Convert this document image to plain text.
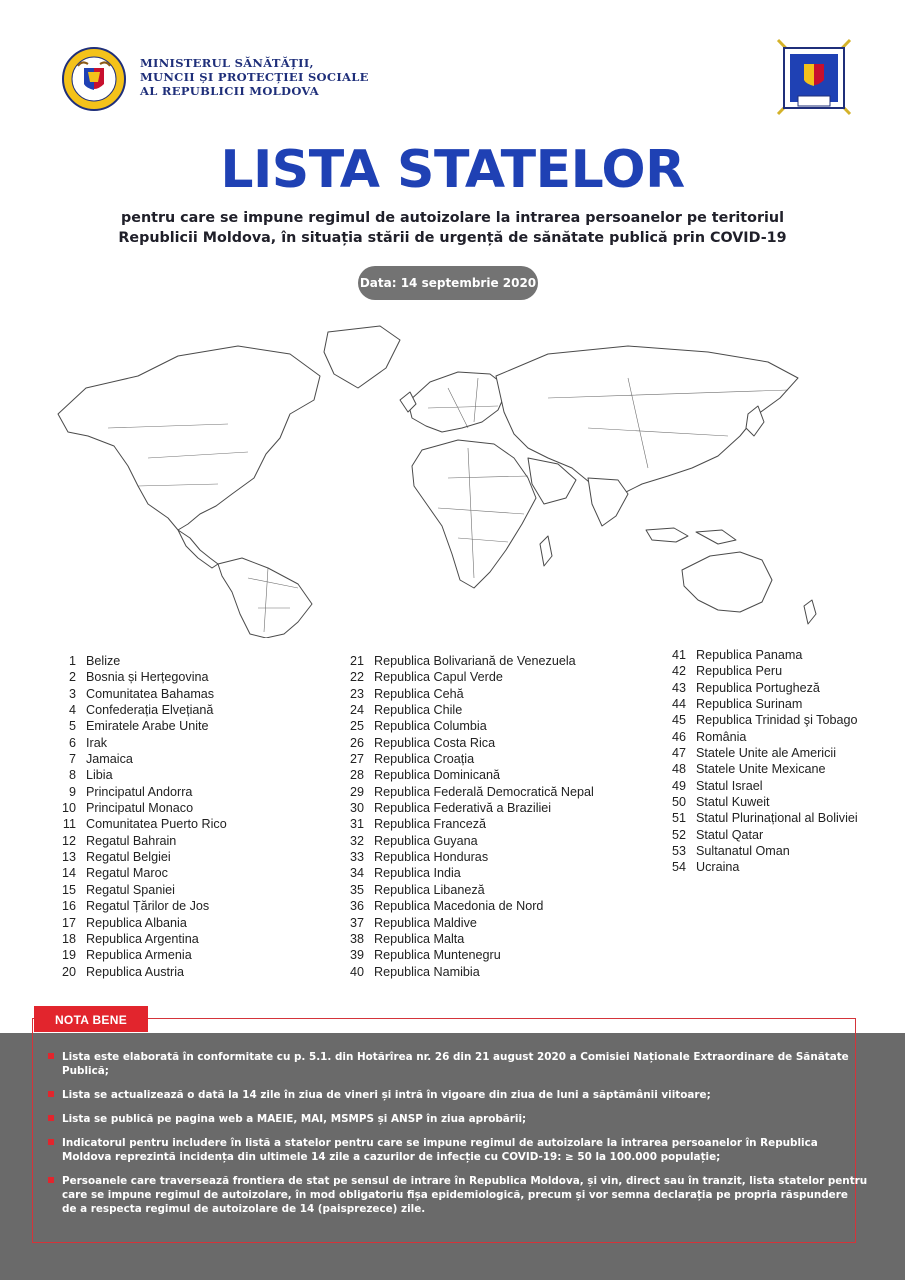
MINISTERUL SĂNĂTĂȚII,
MUNCII ȘI PROTECȚIEI SOCIALE
AL REPUBLICII MOLDOVA
LISTA STATELOR
pentru care se impune regimul de autoizolare la intrarea persoanelor pe teritoriul
Republicii Moldova, în situația stării de urgență de sănătate publică prin COVID-19
Data: 14 septembrie 2020
1 Belize
2 Bosnia și Herțegovina
3 Comunitatea Bahamas
4 Confederația Elvețiană
5 Emiratele Arabe Unite
6 Irak
7 Jamaica
8 Libia
9 Principatul Andorra
10 Principatul Monaco
11 Comunitatea Puerto Rico
12 Regatul Bahrain
13 Regatul Belgiei
14 Regatul Maroc
15 Regatul Spaniei
16 Regatul Țărilor de Jos
17 Republica Albania
18 Republica Argentina
19 Republica Armenia
20 Republica Austria
21 Republica Bolivariană de Venezuela
22 Republica Capul Verde
23 Republica Cehă
24 Republica Chile
25 Republica Columbia
26 Republica Costa Rica
27 Republica Croația
28 Republica Dominicană
29 Republica Federală Democratică Nepal
30 Republica Federativă a Braziliei
31 Republica Franceză
32 Republica Guyana
33 Republica Honduras
34 Republica India
35 Republica Libaneză
36 Republica Macedonia de Nord
37 Republica Maldive
38 Republica Malta
39 Republica Muntenegru
40 Republica Namibia
41 Republica Panama
42 Republica Peru
43 Republica Portugheză
44 Republica Surinam
45 Republica Trinidad şi Tobago
46 România
47 Statele Unite ale Americii
48 Statele Unite Mexicane
49 Statul Israel
50 Statul Kuweit
51 Statul Plurinațional al Boliviei
52 Statul Qatar
53 Sultanatul Oman
54 Ucraina
NOTA BENE
Lista este elaborată în conformitate cu p. 5.1. din Hotărîrea nr. 26 din 21 august 2020 a Comisiei Naționale Extraordinare de Sănătate
Publică;
Lista se actualizează o dată la 14 zile în ziua de vineri și intră în vigoare din ziua de luni a săptămânii viitoare;
Lista se publică pe pagina web a MAEIE, MAI, MSMPS și ANSP în ziua aprobării;
Indicatorul pentru includere în listă a statelor pentru care se impune regimul de autoizolare la intrarea persoanelor în Republica
Moldova reprezintă incidența din ultimele 14 zile a cazurilor de infecție cu COVID-19: ≥ 50 la 100.000 populație;
Persoanele care traversează frontiera de stat pe sensul de intrare în Republica Moldova, și vin, direct sau în tranzit, lista statelor pentru
care se impune regimul de autoizolare, în mod obligatoriu fișa epidemiologică, precum și vor semna declarația pe propria răspundere
de a respecta regimul de autoizolare de 14 (paisprezece) zile.
